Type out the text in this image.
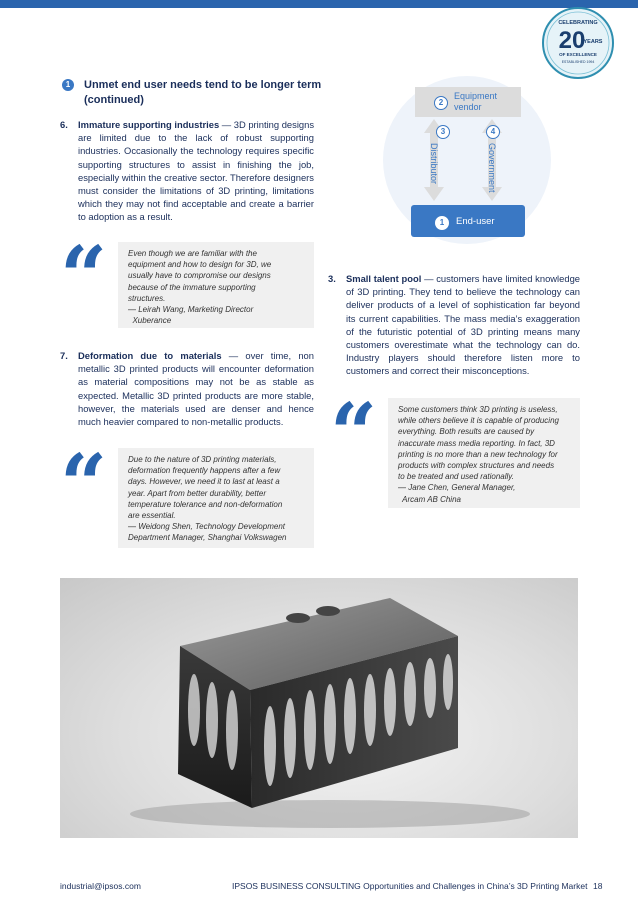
CELEBRATING
20
YEARS
OF EXCELLENCE
ESTABLISHED 1994
1 Unmet end user needs tend to be longer term
(continued)
6. Immature supporting industries — 3D printing designs are limited due to the lack of robust supporting industries. Occasionally the technology requires specific supporting structures to assist in finishing the job, especially within the creative sector. Therefore designers must consider the limitations of 3D printing, limitations which they may not find acceptable and create a barrier to adoption as a result.
“	Even though we are familiar with the
equipment and how to design for 3D, we
usually have to compromise our designs
because of the immature supporting
structures.
— Leirah Wang, Marketing Director
Xuberance
7. Deformation due to materials — over time, non metallic 3D printed products will encounter deformation as material compositions may not be as stable as expected. Metallic 3D printed products are more stable, however, the materials used are denser and hence much heavier compared to non-metallic products.
“	Due to the nature of 3D printing materials,
deformation frequently happens after a few
days. However, we need it to last at least a
year. Apart from better durability, better
temperature tolerance and non-deformation
are essential.
— Weidong Shen, Technology Development
Department Manager, Shanghai Volkswagen
2
Equipment
vendor
3
Distributor
4
Government
1	End-user
3. Small talent pool — customers have limited knowledge of 3D printing. They tend to believe the technology can deliver products of a level of sophistication far beyond its current capabilities. The mass media’s exaggeration of the futuristic potential of 3D printing means many customers overestimate what the technology can do. Industry players should therefore listen more to customers and correct their misconceptions.
“	Some customers think 3D printing is useless,
while others believe it is capable of producing
everything. Both results are caused by
inaccurate mass media reporting. In fact, 3D
printing is no more than a new technology for
products with complex structures and needs
to be treated and used rationally.
— Jane Chen, General Manager,
Arcam AB China
industrial@ipsos.com	IPSOS BUSINESS CONSULTING Opportunities and Challenges in China’s 3D Printing Market 18
